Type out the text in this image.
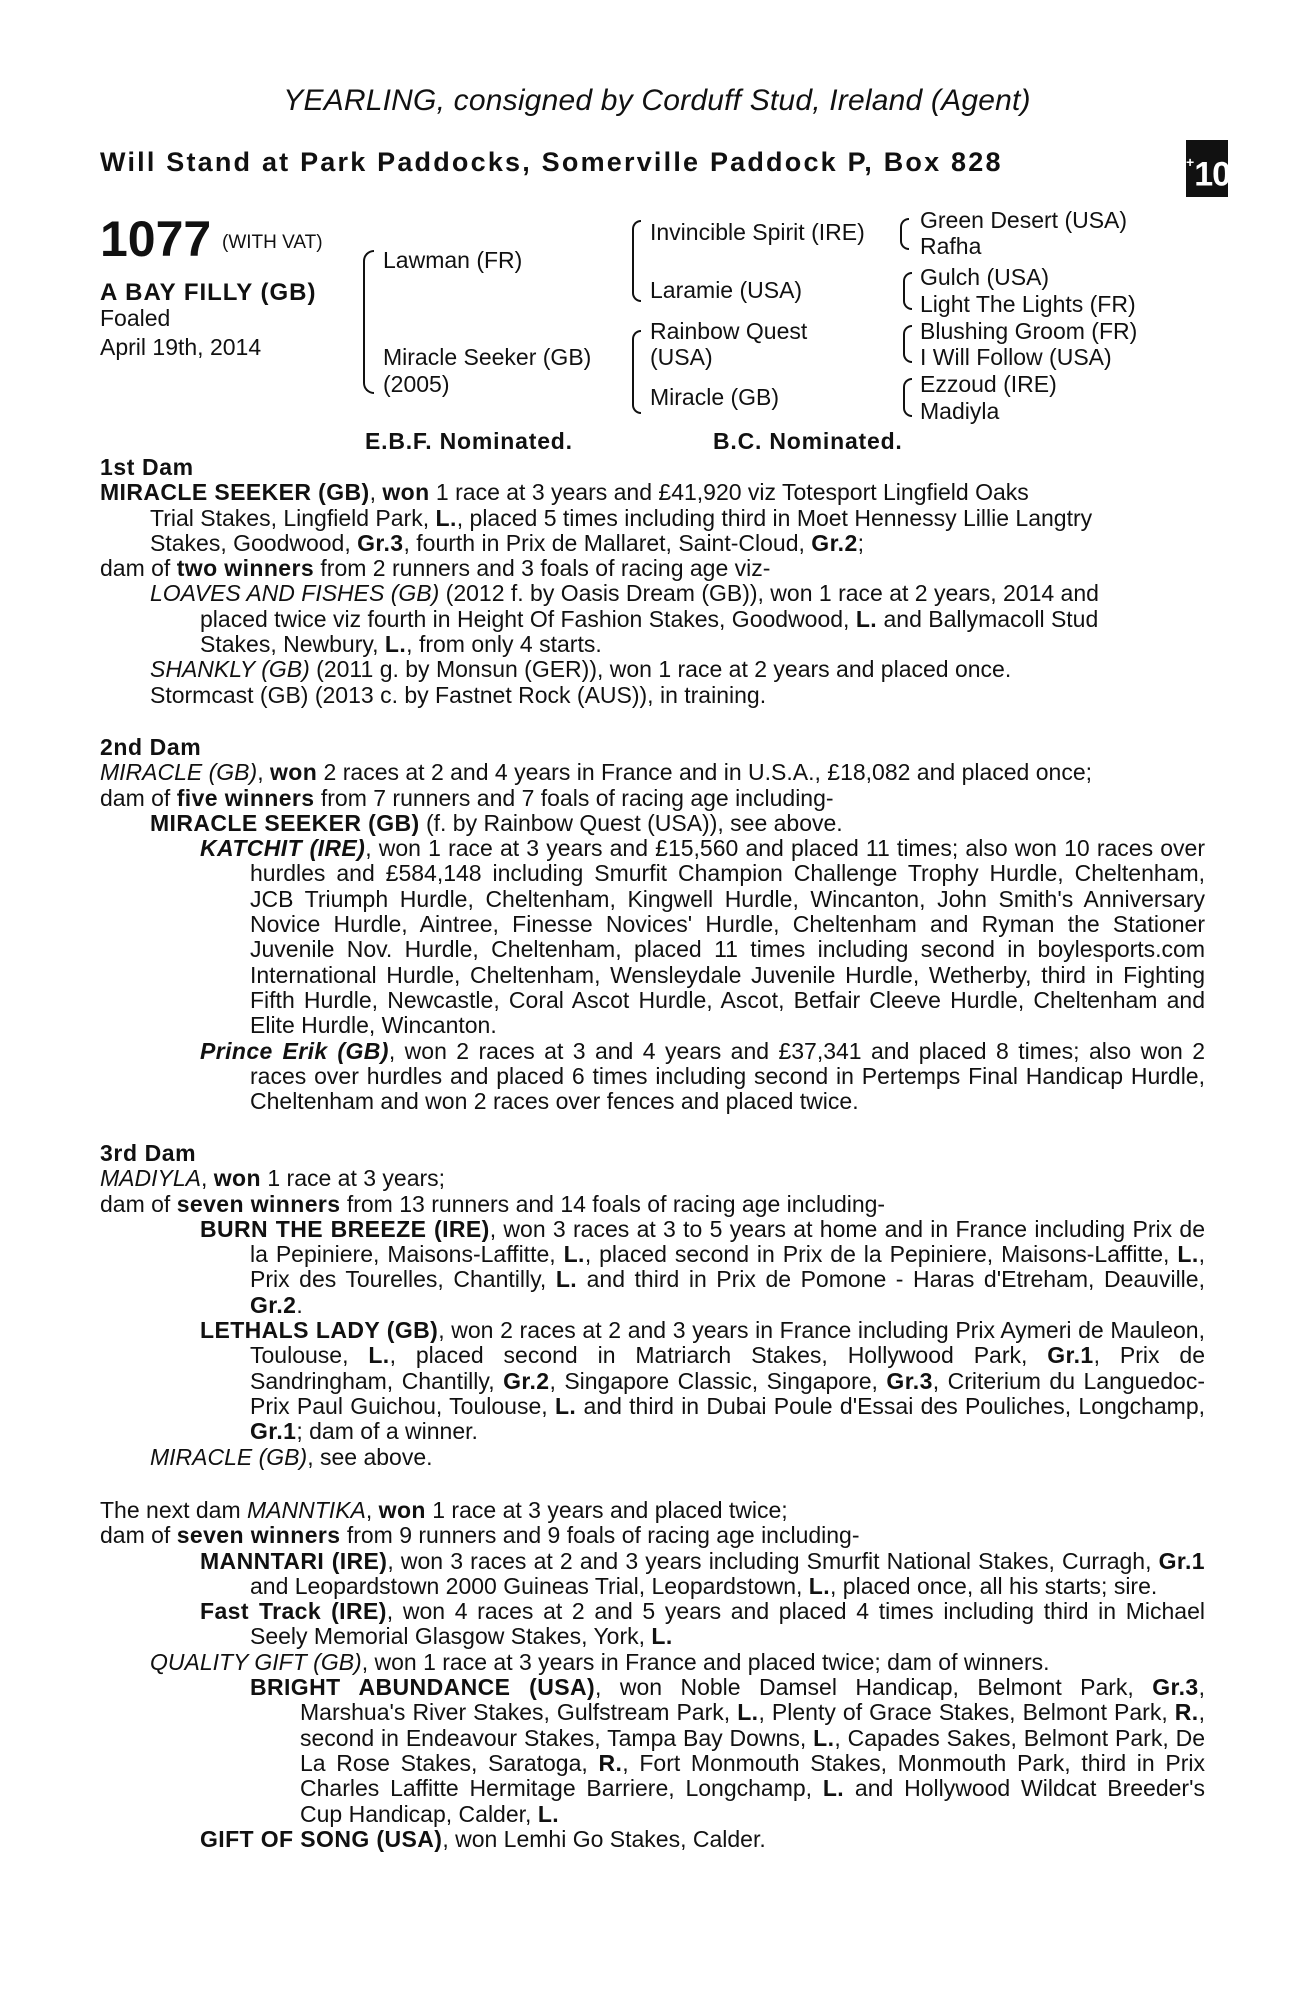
YEARLING, consigned by Corduff Stud, Ireland (Agent)
Will Stand at Park Paddocks, Somerville Paddock P, Box 828	+10
1077 (WITH VAT)
A BAY FILLY (GB)
Foaled
April 19th, 2014
Lawman (FR)
Miracle Seeker (GB)
(2005)
Invincible Spirit (IRE)
Laramie (USA)
Rainbow Quest
(USA)
Miracle (GB)
Green Desert (USA)
Rafha
Gulch (USA)
Light The Lights (FR)
Blushing Groom (FR)
I Will Follow (USA)
Ezzoud (IRE)
Madiyla
E.B.F. Nominated.	B.C. Nominated.
1st Dam
MIRACLE SEEKER (GB), won 1 race at 3 years and £41,920 viz Totesport Lingfield Oaks
Trial Stakes, Lingfield Park, L., placed 5 times including third in Moet Hennessy Lillie Langtry
Stakes, Goodwood, Gr.3, fourth in Prix de Mallaret, Saint-Cloud, Gr.2;
dam of two winners from 2 runners and 3 foals of racing age viz-
LOAVES AND FISHES (GB) (2012 f. by Oasis Dream (GB)), won 1 race at 2 years, 2014 and
placed twice viz fourth in Height Of Fashion Stakes, Goodwood, L. and Ballymacoll Stud
Stakes, Newbury, L., from only 4 starts.
SHANKLY (GB) (2011 g. by Monsun (GER)), won 1 race at 2 years and placed once.
Stormcast (GB) (2013 c. by Fastnet Rock (AUS)), in training.
2nd Dam
MIRACLE (GB), won 2 races at 2 and 4 years in France and in U.S.A., £18,082 and placed once;
dam of five winners from 7 runners and 7 foals of racing age including-
MIRACLE SEEKER (GB) (f. by Rainbow Quest (USA)), see above.
KATCHIT (IRE), won 1 race at 3 years and £15,560 and placed 11 times; also won 10 races over hurdles and £584,148 including Smurfit Champion Challenge Trophy Hurdle, Cheltenham, JCB Triumph Hurdle, Cheltenham, Kingwell Hurdle, Wincanton, John Smith's Anniversary Novice Hurdle, Aintree, Finesse Novices' Hurdle, Cheltenham and Ryman the Stationer Juvenile Nov. Hurdle, Cheltenham, placed 11 times including second in boylesports.com International Hurdle, Cheltenham, Wensleydale Juvenile Hurdle, Wetherby, third in Fighting Fifth Hurdle, Newcastle, Coral Ascot Hurdle, Ascot, Betfair Cleeve Hurdle, Cheltenham and Elite Hurdle, Wincanton.
Prince Erik (GB), won 2 races at 3 and 4 years and £37,341 and placed 8 times; also won 2 races over hurdles and placed 6 times including second in Pertemps Final Handicap Hurdle, Cheltenham and won 2 races over fences and placed twice.
3rd Dam
MADIYLA, won 1 race at 3 years;
dam of seven winners from 13 runners and 14 foals of racing age including-
BURN THE BREEZE (IRE), won 3 races at 3 to 5 years at home and in France including Prix de la Pepiniere, Maisons-Laffitte, L., placed second in Prix de la Pepiniere, Maisons-Laffitte, L., Prix des Tourelles, Chantilly, L. and third in Prix de Pomone - Haras d'Etreham, Deauville, Gr.2.
LETHALS LADY (GB), won 2 races at 2 and 3 years in France including Prix Aymeri de Mauleon, Toulouse, L., placed second in Matriarch Stakes, Hollywood Park, Gr.1, Prix de Sandringham, Chantilly, Gr.2, Singapore Classic, Singapore, Gr.3, Criterium du Languedoc-Prix Paul Guichou, Toulouse, L. and third in Dubai Poule d'Essai des Pouliches, Longchamp, Gr.1; dam of a winner.
MIRACLE (GB), see above.
The next dam MANNTIKA, won 1 race at 3 years and placed twice;
dam of seven winners from 9 runners and 9 foals of racing age including-
MANNTARI (IRE), won 3 races at 2 and 3 years including Smurfit National Stakes, Curragh, Gr.1 and Leopardstown 2000 Guineas Trial, Leopardstown, L., placed once, all his starts; sire.
Fast Track (IRE), won 4 races at 2 and 5 years and placed 4 times including third in Michael Seely Memorial Glasgow Stakes, York, L.
QUALITY GIFT (GB), won 1 race at 3 years in France and placed twice; dam of winners.
BRIGHT ABUNDANCE (USA), won Noble Damsel Handicap, Belmont Park, Gr.3, Marshua's River Stakes, Gulfstream Park, L., Plenty of Grace Stakes, Belmont Park, R., second in Endeavour Stakes, Tampa Bay Downs, L., Capades Sakes, Belmont Park, De La Rose Stakes, Saratoga, R., Fort Monmouth Stakes, Monmouth Park, third in Prix Charles Laffitte Hermitage Barriere, Longchamp, L. and Hollywood Wildcat Breeder's Cup Handicap, Calder, L.
GIFT OF SONG (USA), won Lemhi Go Stakes, Calder.
